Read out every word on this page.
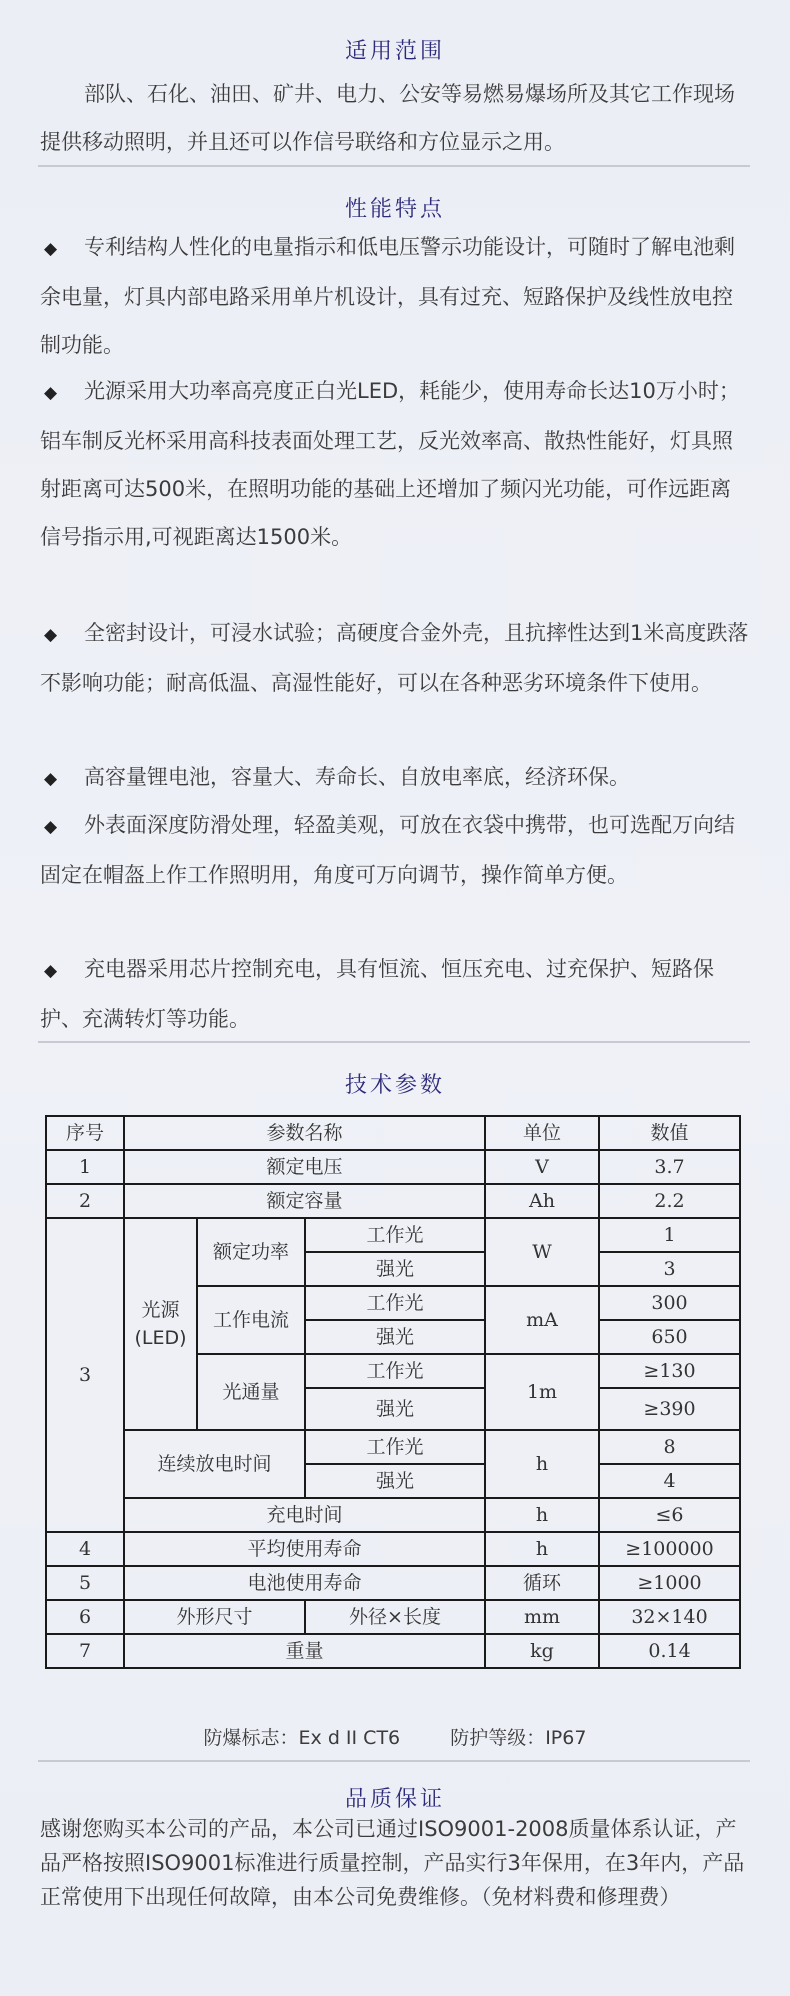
适用范围
部队、石化、油田、矿井、电力、公安等易燃易爆场所及其它工作现场提供移动照明，并且还可以作信号联络和方位显示之用。
性能特点
◆ 专利结构人性化的电量指示和低电压警示功能设计，可随时了解电池剩余电量，灯具内部电路采用单片机设计，具有过充、短路保护及线性放电控制功能。
◆ 光源采用大功率高亮度正白光LED，耗能少，使用寿命长达10万小时；铝车制反光杯采用高科技表面处理工艺，反光效率高、散热性能好，灯具照射距离可达500米，在照明功能的基础上还增加了频闪光功能，可作远距离信号指示用,可视距离达1500米。
◆ 全密封设计，可浸水试验；高硬度合金外壳，且抗摔性达到1米高度跌落不影响功能；耐高低温、高湿性能好，可以在各种恶劣环境条件下使用。
◆ 高容量锂电池，容量大、寿命长、自放电率底，经济环保。
◆ 外表面深度防滑处理，轻盈美观，可放在衣袋中携带，也可选配万向结固定在帽盔上作工作照明用，角度可万向调节，操作简单方便。
◆ 充电器采用芯片控制充电，具有恒流、恒压充电、过充保护、短路保护、充满转灯等功能。
技术参数
序号	参数名称			单位	数值
1	额定电压			V	3.7
2	额定容量			Ah	2.2
3	光源(LED)	额定功率	工作光	W	1
			强光		3
		工作电流	工作光	mA	300
			强光		650
		光通量	工作光	1m	≥130
			强光		≥390
	连续放电时间		工作光	h	8
			强光		4
	充电时间			h	≤6
4	平均使用寿命			h	≥100000
5	电池使用寿命			循环	≥1000
6	外形尺寸		外径×长度	mm	32×140
7	重量			kg	0.14
防爆标志：Ex d II CT6	防护等级：IP67
品质保证
感谢您购买本公司的产品，本公司已通过ISO9001-2008质量体系认证，产品严格按照ISO9001标准进行质量控制，产品实行3年保用，在3年内，产品正常使用下出现任何故障，由本公司免费维修。（免材料费和修理费）
